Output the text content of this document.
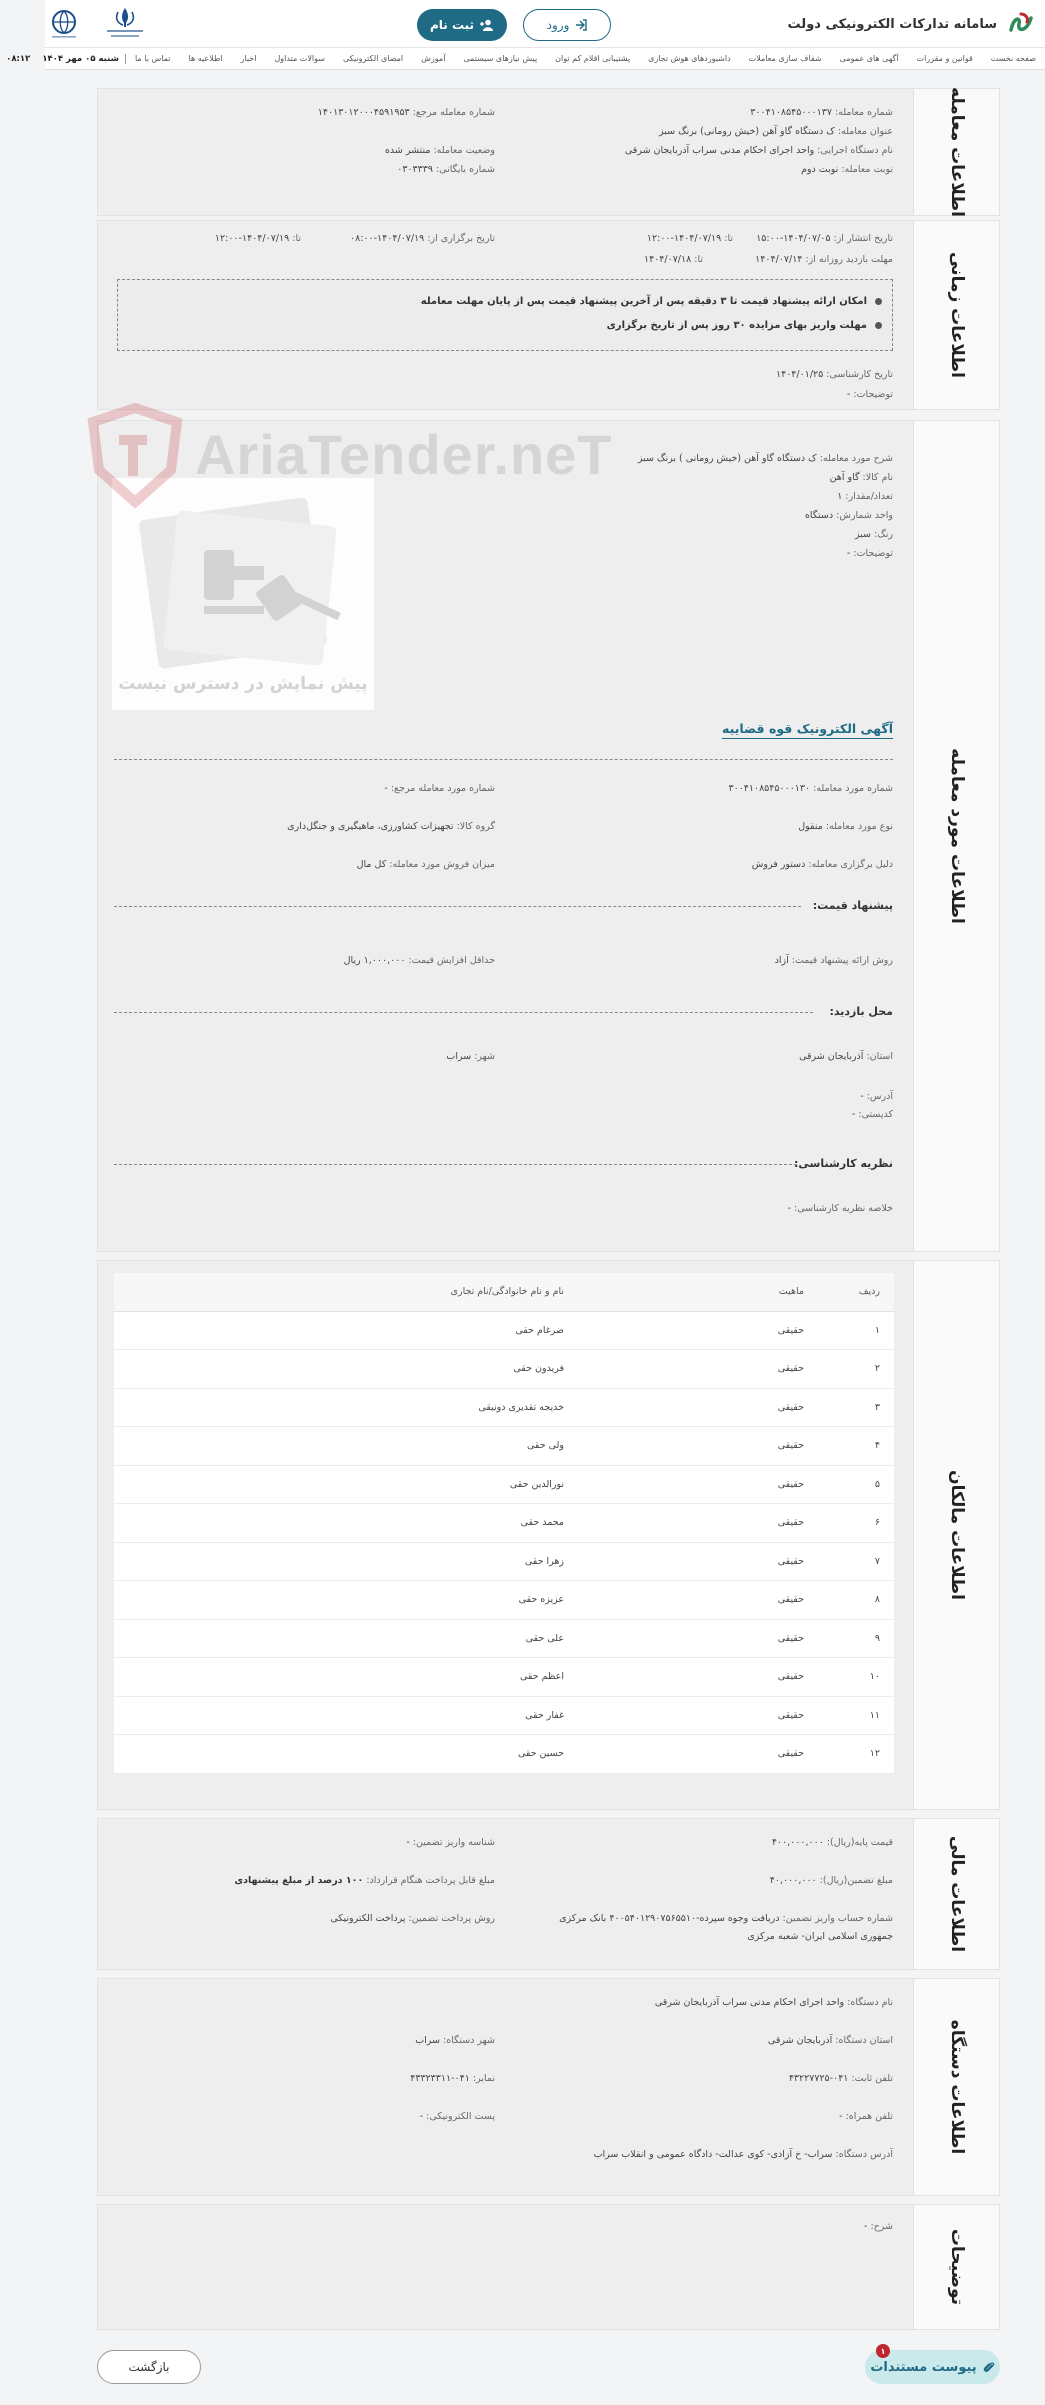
سامانه تدارکات الکترونیکی دولت
ورود
ثبت نام
صفحه نخست
قوانین و مقررات
آگهی های عمومی
شفاف سازی معاملات
داشبوردهای هوش تجاری
پشتیبانی اقلام کم توان
پیش نیازهای سیستمی
آموزش
امضای الکترونیکی
سوالات متداول
اخبار
اطلاعیه ها
تماس با ما
شنبه ۰۵ مهر ۱۴۰۴
۰۸:۱۲
اطلاعات معامله
شماره معامله: ۳۰۰۴۱۰۸۵۴۵۰۰۰۱۳۷
شماره معامله مرجع: ۱۴۰۱۳۰۱۲۰۰۰۴۵۹۱۹۵۳
عنوان معامله: ک دستگاه گاو آهن (خیش رومانی) برنگ سبز
نام دستگاه اجرایی: واحد اجرای احکام مدنی سراب آذربایجان شرقی
وضعیت معامله: منتشر شده
نوبت معامله: نوبت دوم
شماره بایگانی: ۰۳۰۳۳۳۹
اطلاعات زمانی
تاریخ انتشار از: ۱۴۰۴/۰۷/۰۵-۱۵:۰۰
تا: ۱۴۰۴/۰۷/۱۹-۱۲:۰۰
تاریخ برگزاری از: ۱۴۰۴/۰۷/۱۹-۰۸:۰۰
تا: ۱۴۰۴/۰۷/۱۹-۱۲:۰۰
مهلت بازدید روزانه از: ۱۴۰۴/۰۷/۱۴
تا: ۱۴۰۴/۰۷/۱۸
امکان ارائه پیشنهاد قیمت تا ۳ دقیقه پس از آخرین پیشنهاد قیمت پس از پایان مهلت معامله
مهلت واریز بهای مزایده ۳۰ روز پس از تاریخ برگزاری
تاریخ کارشناسی: ۱۴۰۴/۰۱/۲۵
توضیحات: -
اطلاعات مورد معامله
شرح مورد معامله: ک دستگاه گاو آهن (خیش رومانی ) برنگ سبز
نام کالا: گاو آهن
تعداد/مقدار: ۱
واحد شمارش: دستگاه
رنگ: سبز
توضیحات: -
آگهی الکترونیک قوه قضاییه
شماره مورد معامله: ۳۰۰۴۱۰۸۵۴۵۰۰۰۱۳۰
شماره مورد معامله مرجع: -
نوع مورد معامله: منقول
گروه کالا: تجهیزات کشاورزی، ماهیگیری و جنگل‌داری
دلیل برگزاری معامله: دستور فروش
میزان فروش مورد معامله: کل مال
پیشنهاد قیمت:
روش ارائه پیشنهاد قیمت: آزاد
حداقل افزایش قیمت: ۱,۰۰۰,۰۰۰ ریال
محل بازدید:
استان: آذربایجان شرقی
شهر: سراب
آدرس: -
کدپستی: -
نظریه کارشناسی:
خلاصه نظریه کارشناسی: -
پیش نمایش در دسترس نیست
AriaTender.neT
اطلاعات مالکان
ردیف	ماهیت	نام و نام خانوادگی/نام تجاری
۱	حقیقی	ضرغام حقی
۲	حقیقی	فریدون حقی
۳	حقیقی	خدیجه تقدیری دونیقی
۴	حقیقی	ولی حقی
۵	حقیقی	نورالدین حقی
۶	حقیقی	محمد حقی
۷	حقیقی	زهرا حقی
۸	حقیقی	عزیزه حقی
۹	حقیقی	علی حقی
۱۰	حقیقی	اعظم حقی
۱۱	حقیقی	غفار حقی
۱۲	حقیقی	حسین حقی
اطلاعات مالی
قیمت پایه(ریال): ۴۰۰,۰۰۰,۰۰۰
شناسه واریز تضمین: -
مبلغ تضمین(ریال): ۴۰,۰۰۰,۰۰۰
مبلغ قابل پرداخت هنگام قرارداد: ۱۰۰ درصد از مبلغ پیشنهادی
شماره حساب واریز تضمین: دریافت وجوه سپرده-۴۰۰۵۴۰۱۲۹۰۷۵۶۵۵۱۰ بانک مرکزی
جمهوری اسلامی ایران- شعبه مرکزی
روش پرداخت تضمین: پرداخت الکترونیکی
اطلاعات دستگاه
نام دستگاه: واحد اجرای احکام مدنی سراب آذربایجان شرقی
استان دستگاه: آذربایجان شرقی
شهر دستگاه: سراب
تلفن ثابت: ۰۴۱-۴۳۲۲۷۷۲۵
نمابر: ۰۴۱-۴۳۳۲۳۳۱۱
تلفن همراه: -
پست الکترونیکی: -
آدرس دستگاه: سراب- خ آزادی- کوی عدالت- دادگاه عمومی و انقلاب سراب
توضیحات
شرح: -
۱
پیوست مستندات
بازگشت
